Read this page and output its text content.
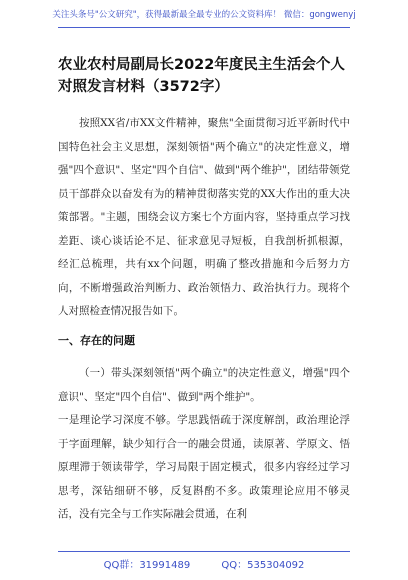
关注头条号"公文研究"，获得最新最全最专业的公文资料库！ 微信：gongwenyj
农业农村局副局长2022年度民主生活会个人对照发言材料（3572字）
按照XX省/市XX文件精神，聚焦"全面贯彻习近平新时代中国特色社会主义思想，深刻领悟"两个确立"的决定性意义，增强"四个意识"、坚定"四个自信"、做到"两个维护"，团结带领党员干部群众以奋发有为的精神贯彻落实党的XX大作出的重大决策部署。"主题，围绕会议方案七个方面内容，坚持重点学习找差距、谈心谈话论不足、征求意见寻短板，自我剖析抓根源，经汇总梳理，共有xx个问题，明确了整改措施和今后努力方向，不断增强政治判断力、政治领悟力、政治执行力。现将个人对照检查情况报告如下。
一、存在的问题
（一）带头深刻领悟"两个确立"的决定性意义，增强"四个意识"、坚定"四个自信"、做到"两个维护"。
一是理论学习深度不够。学思践悟疏于深度解剖，政治理论浮于字面理解，缺少知行合一的融会贯通，读原著、学原文、悟原理滞于领读带学，学习局限于固定模式，很多内容经过学习思考，深钻细研不够，反复斟酌不多。政策理论应用不够灵活，没有完全与工作实际融会贯通，在利
QQ群：31991489	QQ：535304092
